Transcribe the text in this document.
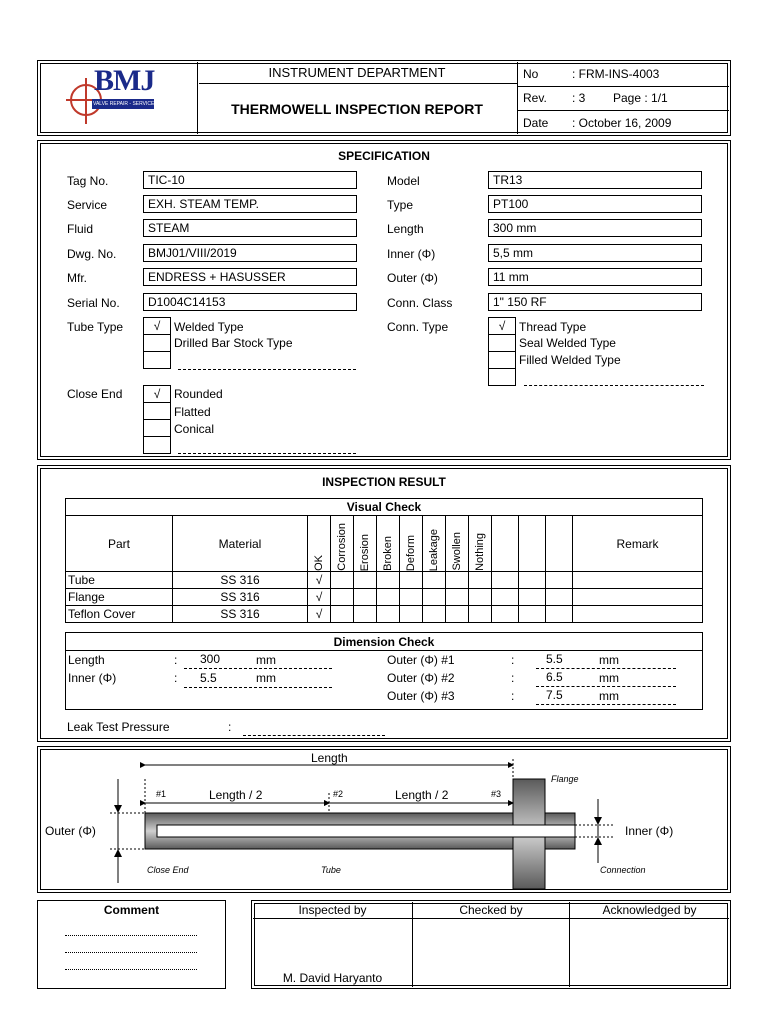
BMJ
VALVE REPAIR - SERVICE - SUPPLY
INSTRUMENT DEPARTMENT
THERMOWELL INSPECTION REPORT
No	: FRM-INS-4003
Rev. : 3 Page : 1/1
Date : October 16, 2009
SPECIFICATION
Tag No.	TIC-10
Service	EXH. STEAM TEMP.
Fluid	STEAM
Dwg. No.	BMJ01/VIII/2019
Mfr.	ENDRESS + HASUSSER
Serial No.	D1004C14153
Model	TR13
Type	PT100
Length	300 mm
Inner (Φ)	5,5 mm
Outer (Φ)	11 mm
Conn. Class	1" 150 RF
Tube Type	√	Welded Type
Drilled Bar Stock Type
Conn. Type	√	Thread Type
Seal Welded Type
Filled Welded Type
Close End	√	Rounded
Flatted
Conical
INSPECTION RESULT
Visual Check													
Part	Material	OK	Corrosion	Erosion	Broken	Deform	Leakage	Swollen	Nothing				Remark
Tube	SS 316	√											
Flange	SS 316	√											
Teflon Cover	SS 316	√											
Dimension Check
Length	: 300	mm
Inner (Φ)	: 5.5	mm
Outer (Φ) #1	:	5.5	mm
Outer (Φ) #2	:	6.5	mm
Outer (Φ) #3	:	7.5	mm
Leak Test Pressure	:
Length
#1	Length / 2	#2	Length / 2	#3
Flange
Outer (Φ)	Inner (Φ)
Close End	Tube	Connection
Comment	Inspected by	Checked by	Acknowledged by
M. David Haryanto
